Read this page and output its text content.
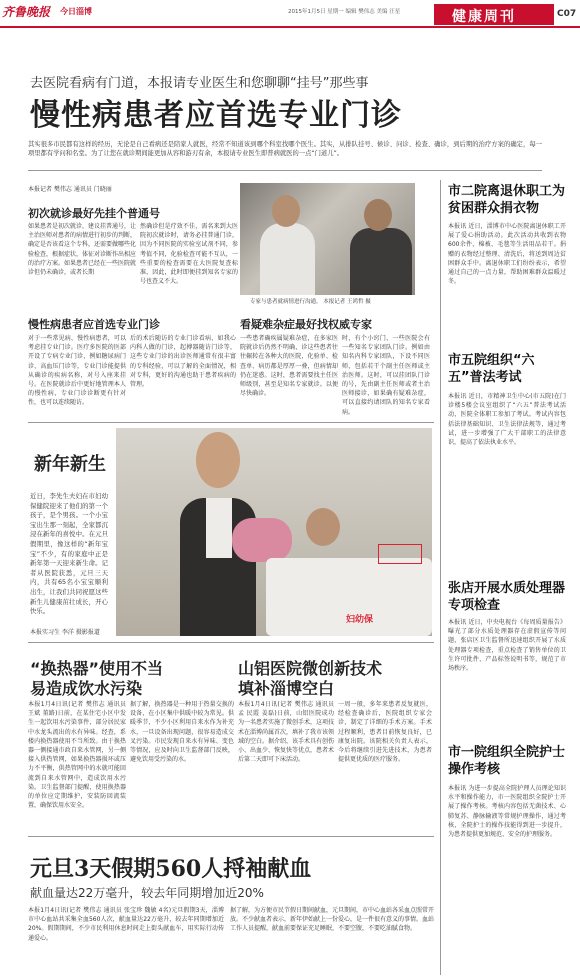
齐鲁晚报 今日淄博	2015年1月5日 星期一 编辑 樊伟志 美编 汪星	健康周刊	C07
去医院看病有门道，本报请专业医生和您聊聊“挂号”那些事
慢性病患者应首选专业门诊
其实很多市民都有这样的经历，无论是自己看病还是陪家人就医，经常不知道该到哪个科室找哪个医生。其实，从排队挂号、候诊、问诊、检查、确诊，到后期的治疗方案的确定，每一项里都有学问和名堂。为了让您在就诊期间能更加从容和游刃有余，本报请专业医生即普病就医的一点“门道儿”。
本报记者 樊伟志 通讯员 门晓丽
初次就诊最好先挂个普通号
如果患者是初次就诊，建议挂普通号，让主治医师对患者的病情进行初步的判断，确定是否该看这个专科，还需要做哪些化验检查，根据症状，体征对诊断作出相应的治疗方案。如果患者已经在一些医院就诊但仍未确诊，或者长期
然确诊但是疗效不佳，需名来到大医院初次就诊时，请务必挂普通门诊，因为不同医院的实验室试剂不同，参考值不同，化验检查可能不互认，一些重要的检查需要在大医院复查标准，因此，此时即便挂到知名专家的号也查义不大。
慢性病患者应首选专业门诊
对于一些常见病、慢性病患者，可以考虑挂专业门诊。医疗多医院的医部开设了专病专业门诊，例如糖尿病门诊、高血压门诊等，专业门诊能提供从确诊的疾病名称，对号入座来挂号。在医院就诊后中更好地管理本人的慢性病，专业门诊诊断更有针对性，也可以连续随访。
后的术后随访的专业门诊看病，如我心内科人做的门诊，起搏器随访门诊等，这些专业门诊的出诊医师通常有很丰富的专科经验，可以了解的全面情况，相对专科，更好的沟通也助于患者疾病的管理。
专家与患者就病情进行沟通。 本报记者 王鸿哲 摄
看疑难杂症最好找权威专家
一些患者确疾属疑难杂症，在多家医院就诊后仍然不明确，诊这些患者往往辗转在各种大的医院，化验单、检查单、病历都是厚厚一叠，但病情却仍在迷惑。这时，患者需要找主任医师级别，甚至是知名专家就诊。以便尽快确诊。
时，有个小窍门，一些医院会有一些知名专家团队门诊。例如由知名内科专家团队，下设不同医师，包括若干个副主任医师或主治医师。这时，可以挂团队门诊的号，先由副主任医师或者主治医师接诊，如果确有疑难杂症，可以直接约请团队的知名专家看病。
新年新生
近日，李先生夫妇在市妇幼保健院迎来了他们的第一个孩子，是个男孩。一个小宝宝出生那一刻起，全家都沉浸在新年的喜悦中。在元旦假期里，像这样的“新年宝宝”不少，有的家庭中正是新年第一天迎来新生命。记者从医院获悉，元旦三天内，共有65名小宝宝顺利出生，让我们共同祝愿这些新生儿健康茁壮成长，开心快乐。
本报实习生 李洋 摄影报道
妇幼保
“换热器”使用不当
易造成饮水污染
本报1月4日讯(记者 樊伟志 通讯员 王斌 董路)日前，在某住宅小区中发生一起饮用水污染事件，部分居民家中水龙头流出的水有异味。经查，系楼内换热器使用不当所致。由于换热器一侧接通市政自来水管网，另一侧接入供热管网，如果换热器损坏或压力不平衡，供热管网中的水就可能回流到自来水管网中，造成饮用水污染。卫生监督部门提醒，使用换热器的单位应定期维护，安装防回流装置，确保饮用水安全。
据了解，换热器是一种用于热量交换的设备，在小区集中供暖中较为常见。供暖季节，不少小区利用自来水作为补充水，一旦设备出现问题，很容易造成交叉污染。市民发现自来水有异味、变色等情况，应及时向卫生监督部门反映，避免饮用受污染的水。
山铝医院微创新技术
填补淄博空白
本报1月4日讯(记者 樊伟志 通讯员 孟 民霞 姜磊)日前，山铝医院成功为一名患者实施了微创手术，这项技术在淄博尚属首次，填补了我市该领域的空白。据介绍，该手术具有创伤小、出血少、恢复快等优点，患者术后第二天即可下床活动。
一周一般，多年来患者反复就医，经检查确诊后，医院组织专家会诊，制定了详细的手术方案。手术过程顺利，患者目前恢复良好，已康复出院。该院相关负责人表示，今后将继续引进先进技术，为患者提供更优质的医疗服务。
元旦3天假期560人捋袖献血
献血量达22万毫升，较去年同期增加近20%
本报1月4日讯(记者 樊伟志 通讯员 张宝珍 魏敏 4名)元旦假期3天，淄博市中心血站共采集全血560人次，献血量达22万毫升，较去年同期增加近20%。假期期间，不少市民利用休息时间走上街头献血车，用实际行动传递爱心。
据了解，为方便市民节假日期间献血，元旦期间，市中心血站各采血点照常开放。不少献血者表示，新年伊始献上一份爱心，是一件很有意义的事情。血站工作人员提醒，献血前要保证充足睡眠，不要空腹，不要吃油腻食物。
市二院离退休职工为贫困群众捐衣物
本报讯 近日，淄博市中心医院离退休职工开展了爱心捐助活动。此次活动共收到衣物600余件，棉被、毛毯等生活用品若干。捐赠的衣物经过整理、清洗后，将送到周边贫困群众手中。离退休职工们纷纷表示，希望通过自己的一点力量，帮助困难群众温暖过冬。
市五院组织“六五”普法考试
本报讯 近日，市精神卫生中心(市五院)在门诊楼5楼会议室组织了“六五”普法考试活动，医院全体职工参加了考试。考试内容包括法律基础知识、卫生法律法规等，通过考试，进一步增强了广大干部职工的法律意识，提高了依法执业水平。
张店开展水质处理器专项检查
本报讯 近日，中央电视台《每周质量报告》曝光了部分水质处理器存在虚假宣传等问题，张店区卫生监督所迅速组织开展了水质处理器专项检查，重点检查了销售单位的卫生许可批件、产品标签说明书等，规范了市场秩序。
市一院组织全院护士操作考核
本报讯 为进一步提高全院护理人员理论知识水平和操作能力，市一医院组织全院护士开展了操作考核。考核内容包括无菌技术、心肺复苏、静脉输液等常规护理操作，通过考核，全院护士的操作技能得到进一步提升，为患者提供更加规范、安全的护理服务。
